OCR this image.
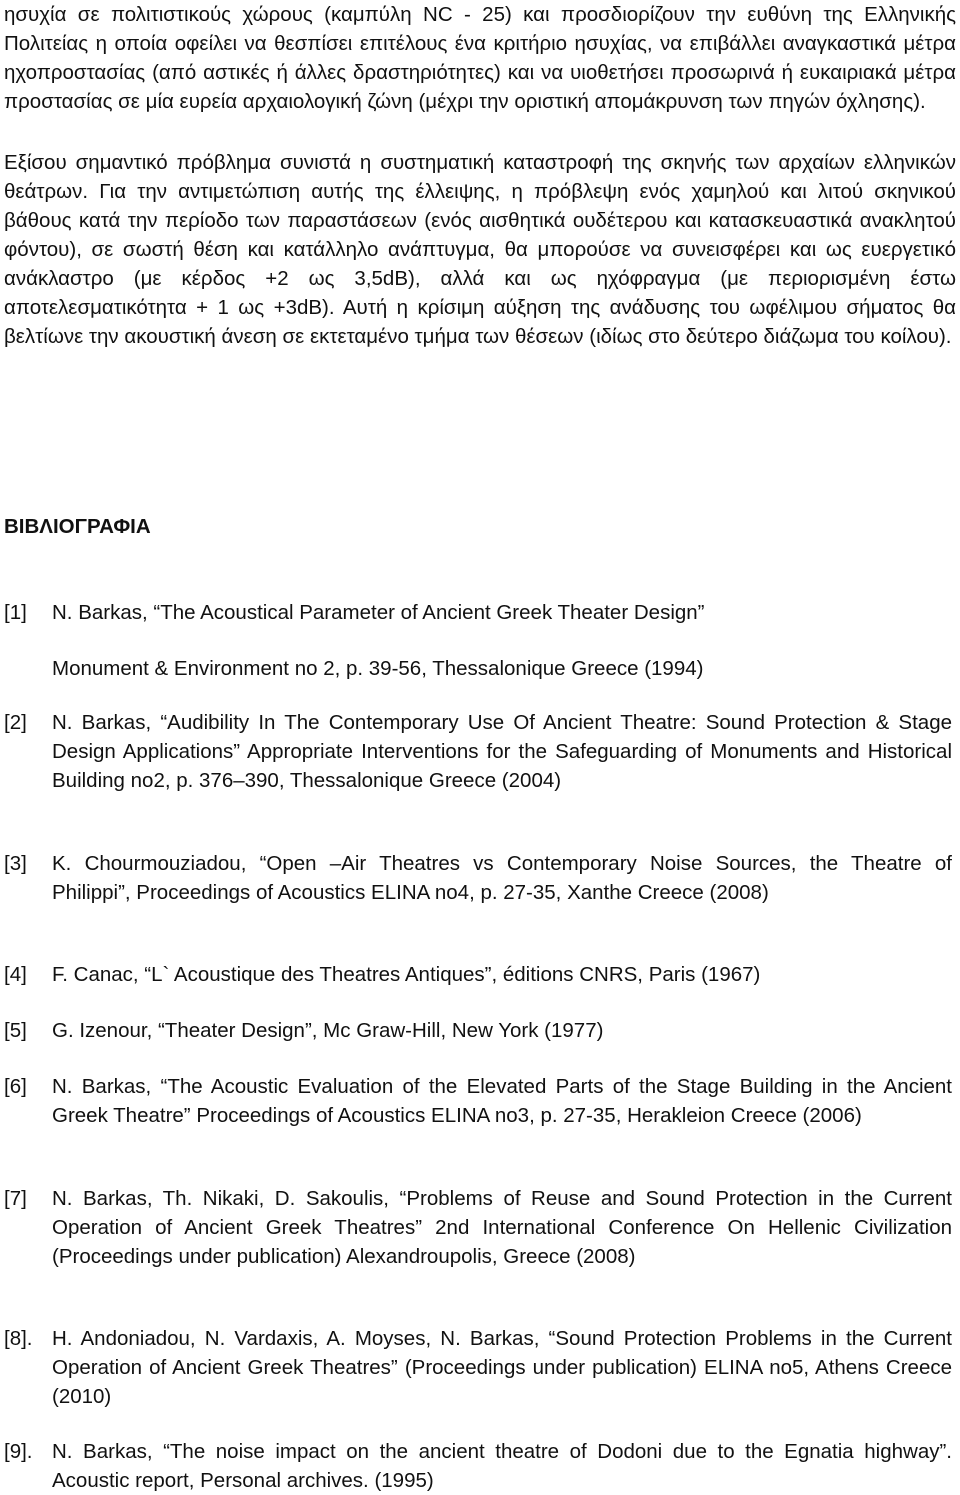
ησυχία σε πολιτιστικούς χώρους (καμπύλη NC - 25) και προσδιορίζουν την ευθύνη της Ελληνικής Πολιτείας η οποία οφείλει να θεσπίσει επιτέλους ένα κριτήριο ησυχίας, να επιβάλλει αναγκαστικά μέτρα ηχοπροστασίας (από αστικές ή άλλες δραστηριότητες) και να υιοθετήσει προσωρινά ή ευκαιριακά μέτρα προστασίας σε μία ευρεία αρχαιολογική ζώνη (μέχρι την οριστική απομάκρυνση των πηγών όχλησης).

Εξίσου σημαντικό πρόβλημα συνιστά η συστηματική καταστροφή της σκηνής των αρχαίων ελληνικών θεάτρων. Για την αντιμετώπιση αυτής της έλλειψης, η πρόβλεψη ενός χαμηλού και λιτού σκηνικού βάθους κατά την περίοδο των παραστάσεων (ενός αισθητικά ουδέτερου και κατασκευαστικά ανακλητού φόντου), σε σωστή θέση και κατάλληλο ανάπτυγμα, θα μπορούσε να συνεισφέρει και ως ευεργετικό ανάκλαστρο (με κέρδος +2 ως 3,5dB), αλλά και ως ηχόφραγμα (με περιορισμένη έστω αποτελεσματικότητα + 1 ως +3dB). Αυτή η κρίσιμη αύξηση της ανάδυσης του ωφέλιμου σήματος θα βελτίωνε την ακουστική άνεση σε εκτεταμένο τμήμα των θέσεων (ιδίως στο δεύτερο διάζωμα του κοίλου).

ΒΙΒΛΙΟΓΡΑΦΙΑ
[1] N. Barkas, “The Acoustical Parameter of Ancient Greek Theater Design”
Monument & Environment no 2, p. 39-56, Thessalonique Greece (1994)
[2] N. Barkas, “Audibility In The Contemporary Use Of Ancient Theatre: Sound Protection & Stage Design Applications” Appropriate Interventions for the Safeguarding of Monuments and Historical Building no2, p. 376–390, Thessalonique Greece (2004)
[3] K. Chourmouziadou, “Open –Air Theatres vs Contemporary Noise Sources, the Theatre of Philippi”, Proceedings of Acoustics ELINA no4, p. 27-35, Xanthe Creece (2008)
[4] F. Canac, “L` Acoustique des Theatres Antiques”, éditions CNRS, Paris (1967)
[5] G. Izenour, “Theater Design”, Mc Graw-Hill, New York (1977)
[6] N. Barkas, “The Acoustic Evaluation of the Elevated Parts of the Stage Building in the Ancient Greek Theatre” Proceedings of Acoustics ELINA no3, p. 27-35, Herakleion Creece (2006)
[7] N. Barkas, Th. Nikaki, D. Sakoulis, “Problems of Reuse and Sound Protection in the Current Operation of Ancient Greek Theatres” 2nd International Conference On Hellenic Civilization (Proceedings under publication) Alexandroupolis, Greece (2008)
[8]. H. Andoniadou, N. Vardaxis, A. Moyses, N. Barkas, “Sound Protection Problems in the Current Operation of Ancient Greek Theatres” (Proceedings under publication) ELINA no5, Athens Creece (2010)
[9]. N. Barkas, “The noise impact on the ancient theatre of Dodoni due to the Egnatia highway”. Acoustic report, Personal archives. (1995)
